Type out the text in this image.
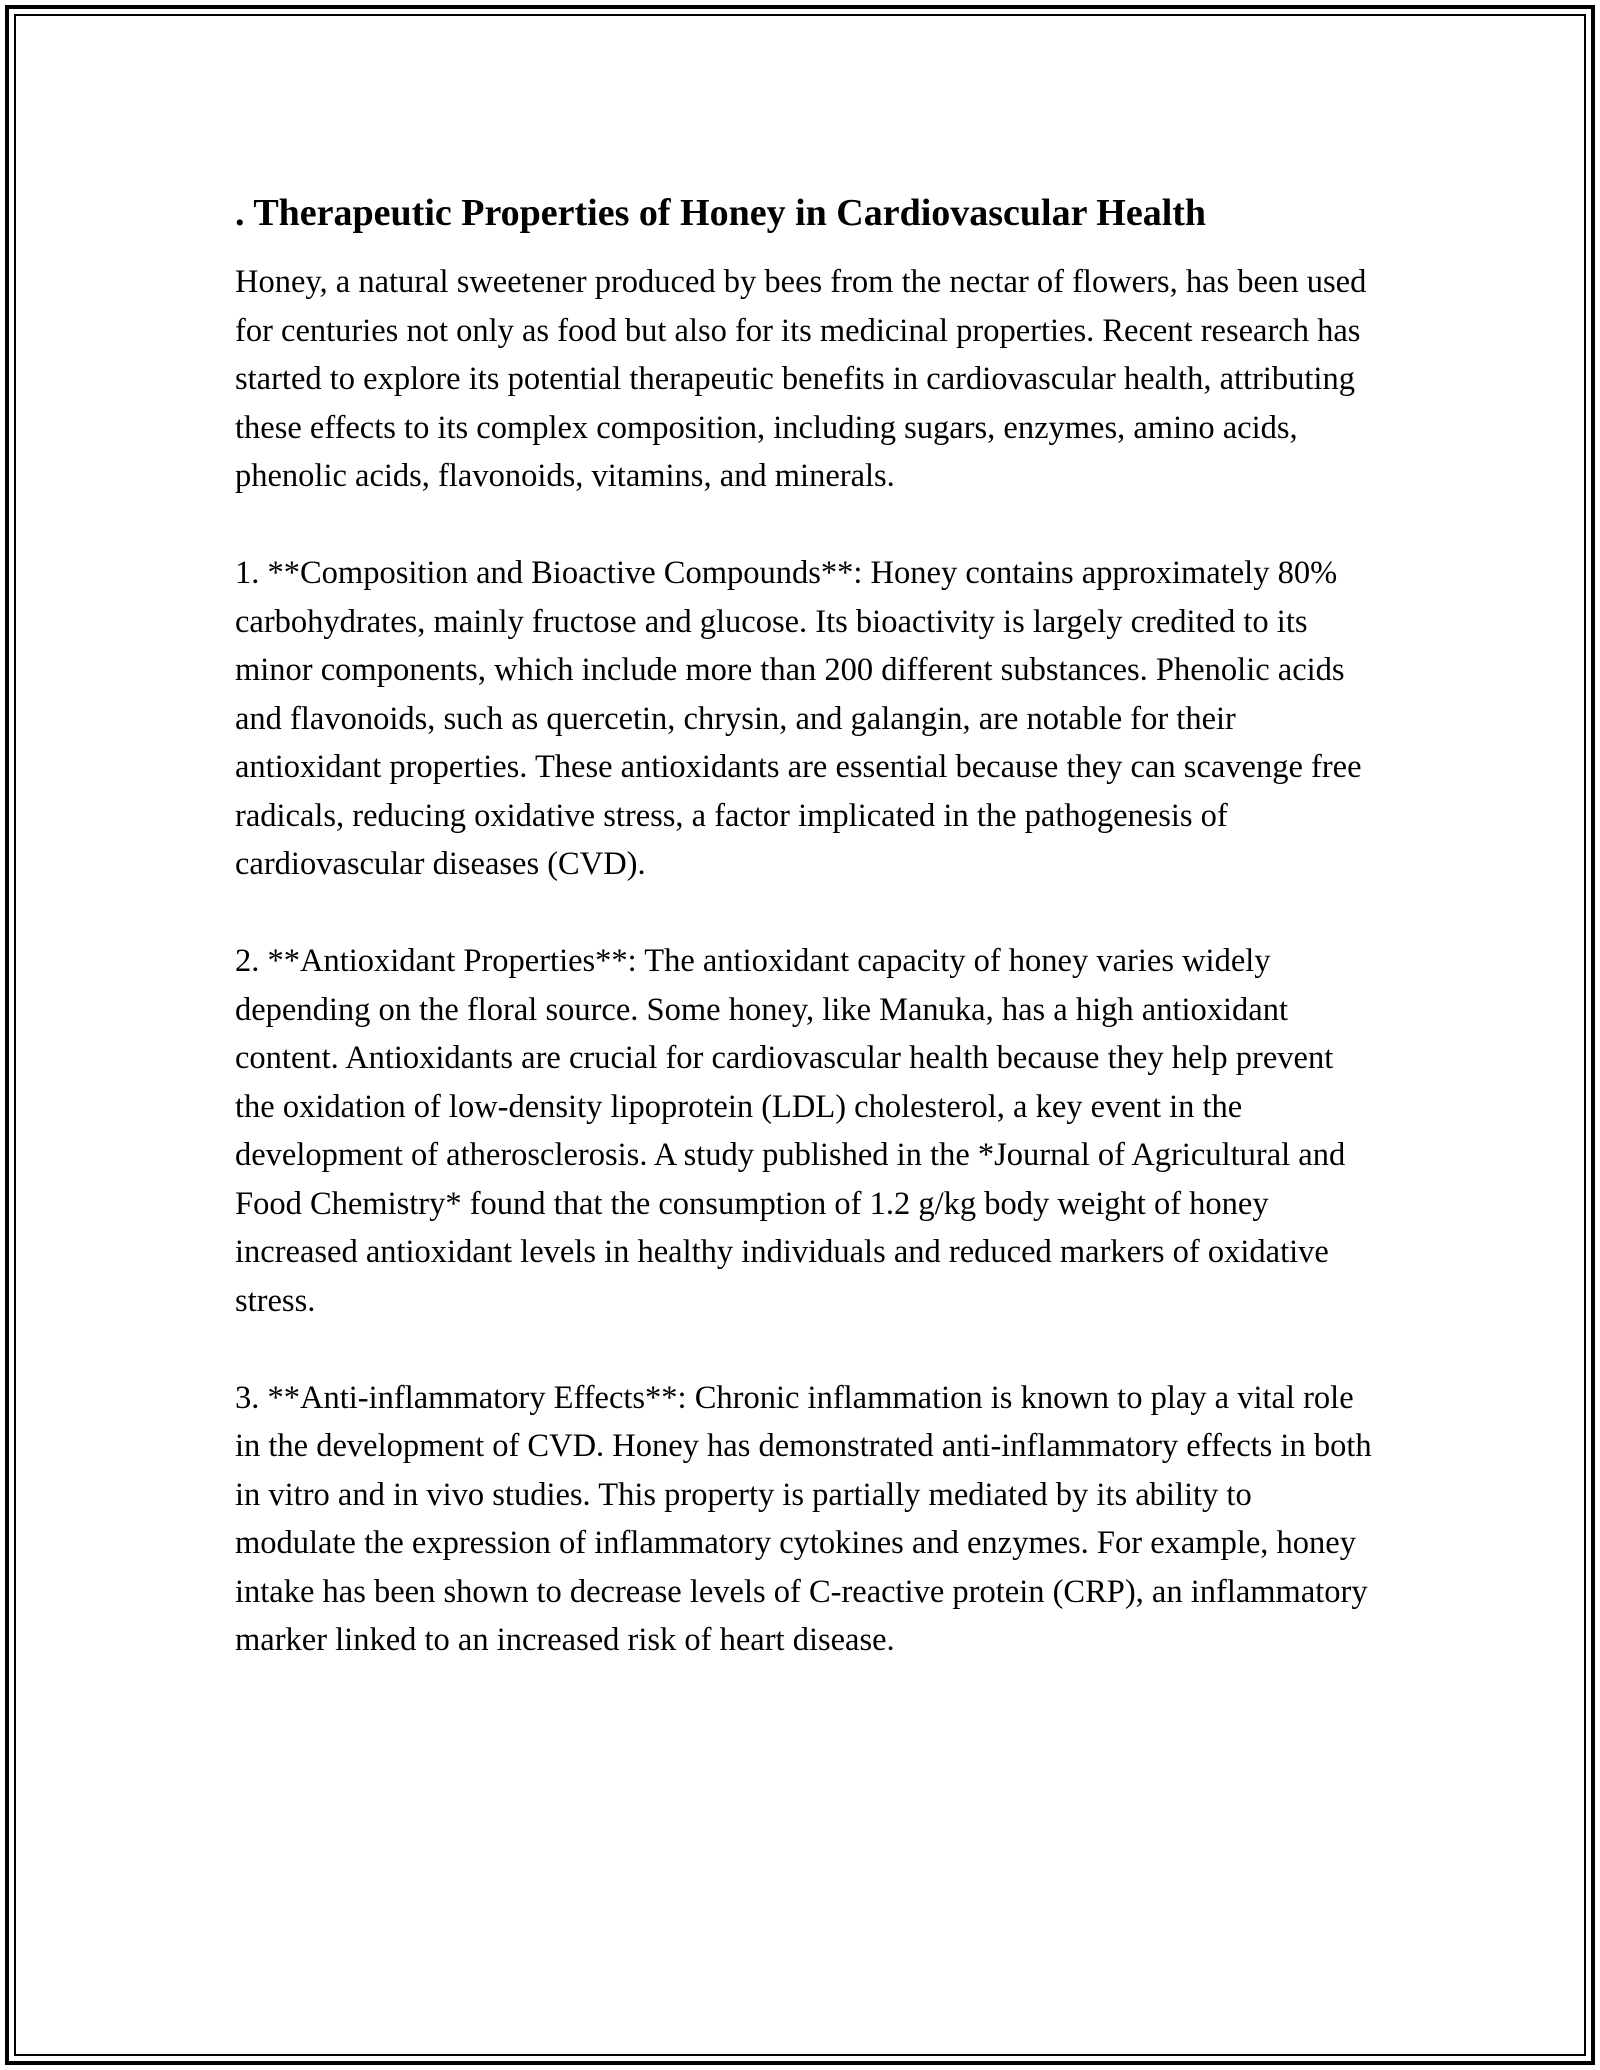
. Therapeutic Properties of Honey in Cardiovascular Health

Honey, a natural sweetener produced by bees from the nectar of flowers, has been used for centuries not only as food but also for its medicinal properties. Recent research has started to explore its potential therapeutic benefits in cardiovascular health, attributing these effects to its complex composition, including sugars, enzymes, amino acids, phenolic acids, flavonoids, vitamins, and minerals.

1. **Composition and Bioactive Compounds**: Honey contains approximately 80% carbohydrates, mainly fructose and glucose. Its bioactivity is largely credited to its minor components, which include more than 200 different substances. Phenolic acids and flavonoids, such as quercetin, chrysin, and galangin, are notable for their antioxidant properties. These antioxidants are essential because they can scavenge free radicals, reducing oxidative stress, a factor implicated in the pathogenesis of cardiovascular diseases (CVD).

2. **Antioxidant Properties**: The antioxidant capacity of honey varies widely depending on the floral source. Some honey, like Manuka, has a high antioxidant content. Antioxidants are crucial for cardiovascular health because they help prevent the oxidation of low-density lipoprotein (LDL) cholesterol, a key event in the development of atherosclerosis. A study published in the *Journal of Agricultural and Food Chemistry* found that the consumption of 1.2 g/kg body weight of honey increased antioxidant levels in healthy individuals and reduced markers of oxidative stress.

3. **Anti-inflammatory Effects**: Chronic inflammation is known to play a vital role in the development of CVD. Honey has demonstrated anti-inflammatory effects in both in vitro and in vivo studies. This property is partially mediated by its ability to modulate the expression of inflammatory cytokines and enzymes. For example, honey intake has been shown to decrease levels of C-reactive protein (CRP), an inflammatory marker linked to an increased risk of heart disease.
